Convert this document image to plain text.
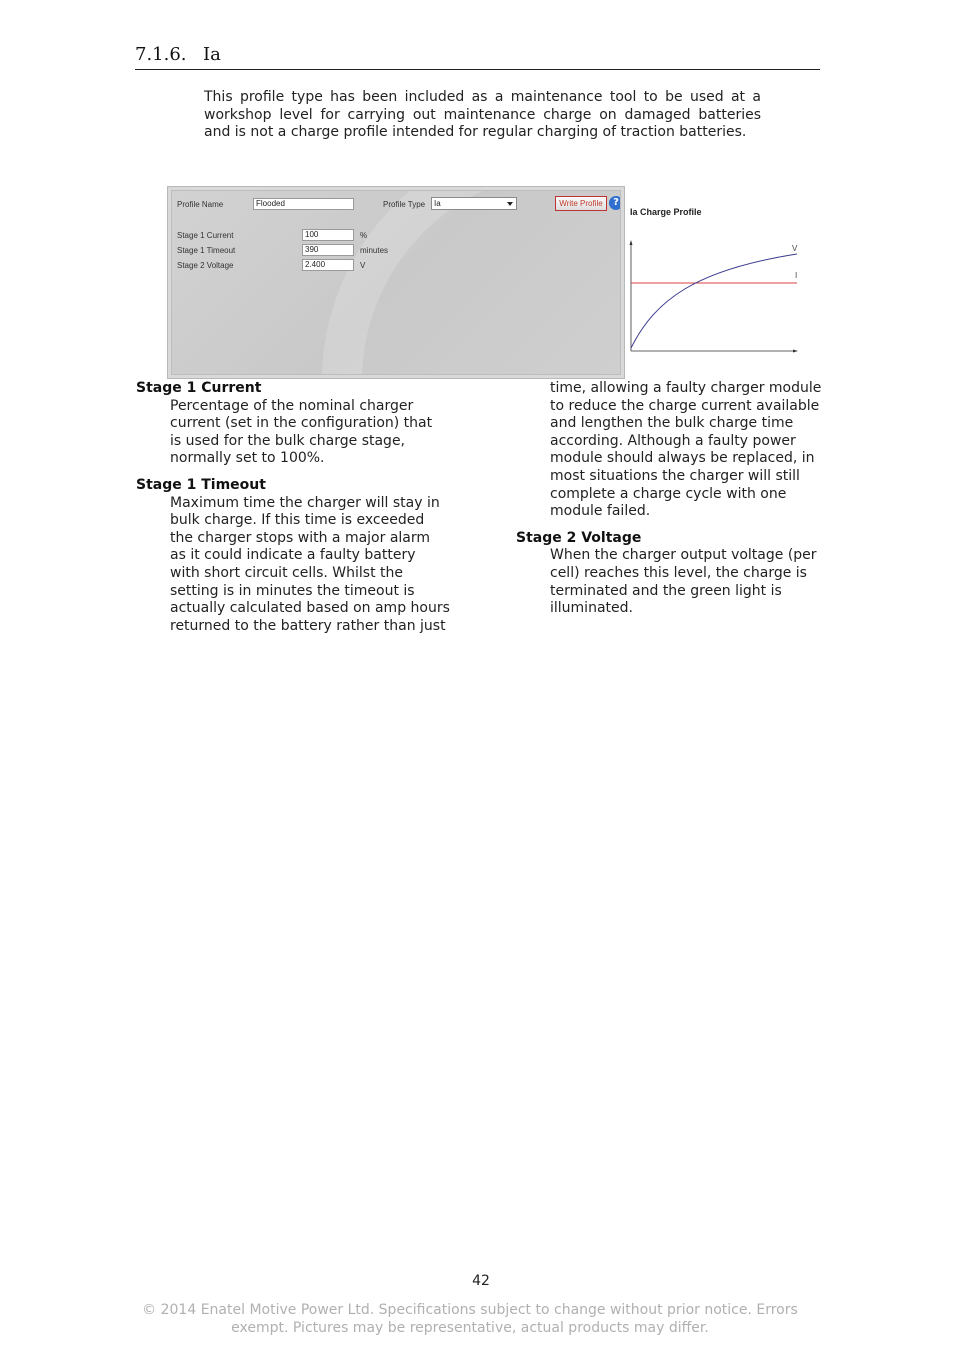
7.1.6. Ia
This profile type has been included as a maintenance tool to be used at a workshop level for carrying out maintenance charge on damaged batteries and is not a charge profile intended for regular charging of traction batteries.
Profile Name	Flooded	Profile Type	Ia	Write Profile	?
Stage 1 Current	100	%
Stage 1 Timeout	390	minutes
Stage 2 Voltage	2.400	V
Ia Charge Profile
V
I
Stage 1 Current
Percentage of the nominal charger
current (set in the configuration) that
is used for the bulk charge stage,
normally set to 100%.
Stage 1 Timeout
Maximum time the charger will stay in
bulk charge. If this time is exceeded
the charger stops with a major alarm
as it could indicate a faulty battery
with short circuit cells. Whilst the
setting is in minutes the timeout is
actually calculated based on amp hours
returned to the battery rather than just
time, allowing a faulty charger module
to reduce the charge current available
and lengthen the bulk charge time
according. Although a faulty power
module should always be replaced, in
most situations the charger will still
complete a charge cycle with one
module failed.
Stage 2 Voltage
When the charger output voltage (per
cell) reaches this level, the charge is
terminated and the green light is
illuminated.
42
© 2014 Enatel Motive Power Ltd. Specifications subject to change without prior notice. Errors
exempt. Pictures may be representative, actual products may differ.
